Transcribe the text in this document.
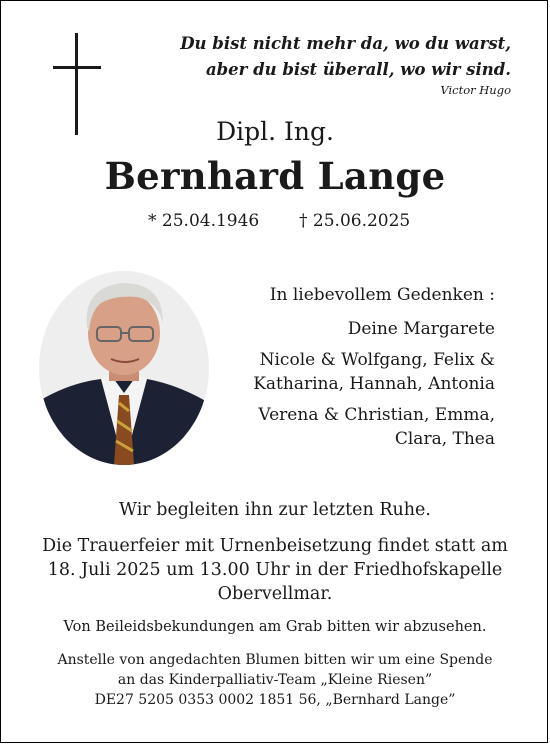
Du bist nicht mehr da, wo du warst,
aber du bist überall, wo wir sind.
Victor Hugo
Dipl. Ing.
Bernhard Lange
* 25.04.1946 † 25.06.2025
In liebevollem Gedenken :
Deine Margarete
Nicole & Wolfgang, Felix &
Katharina, Hannah, Antonia
Verena & Christian, Emma,
Clara, Thea
Wir begleiten ihn zur letzten Ruhe.
Die Trauerfeier mit Urnenbeisetzung findet statt am
18. Juli 2025 um 13.00 Uhr in der Friedhofskapelle
Obervellmar.
Von Beileidsbekundungen am Grab bitten wir abzusehen.
Anstelle von angedachten Blumen bitten wir um eine Spende
an das Kinderpalliativ-Team „Kleine Riesen”
DE27 5205 0353 0002 1851 56, „Bernhard Lange”
